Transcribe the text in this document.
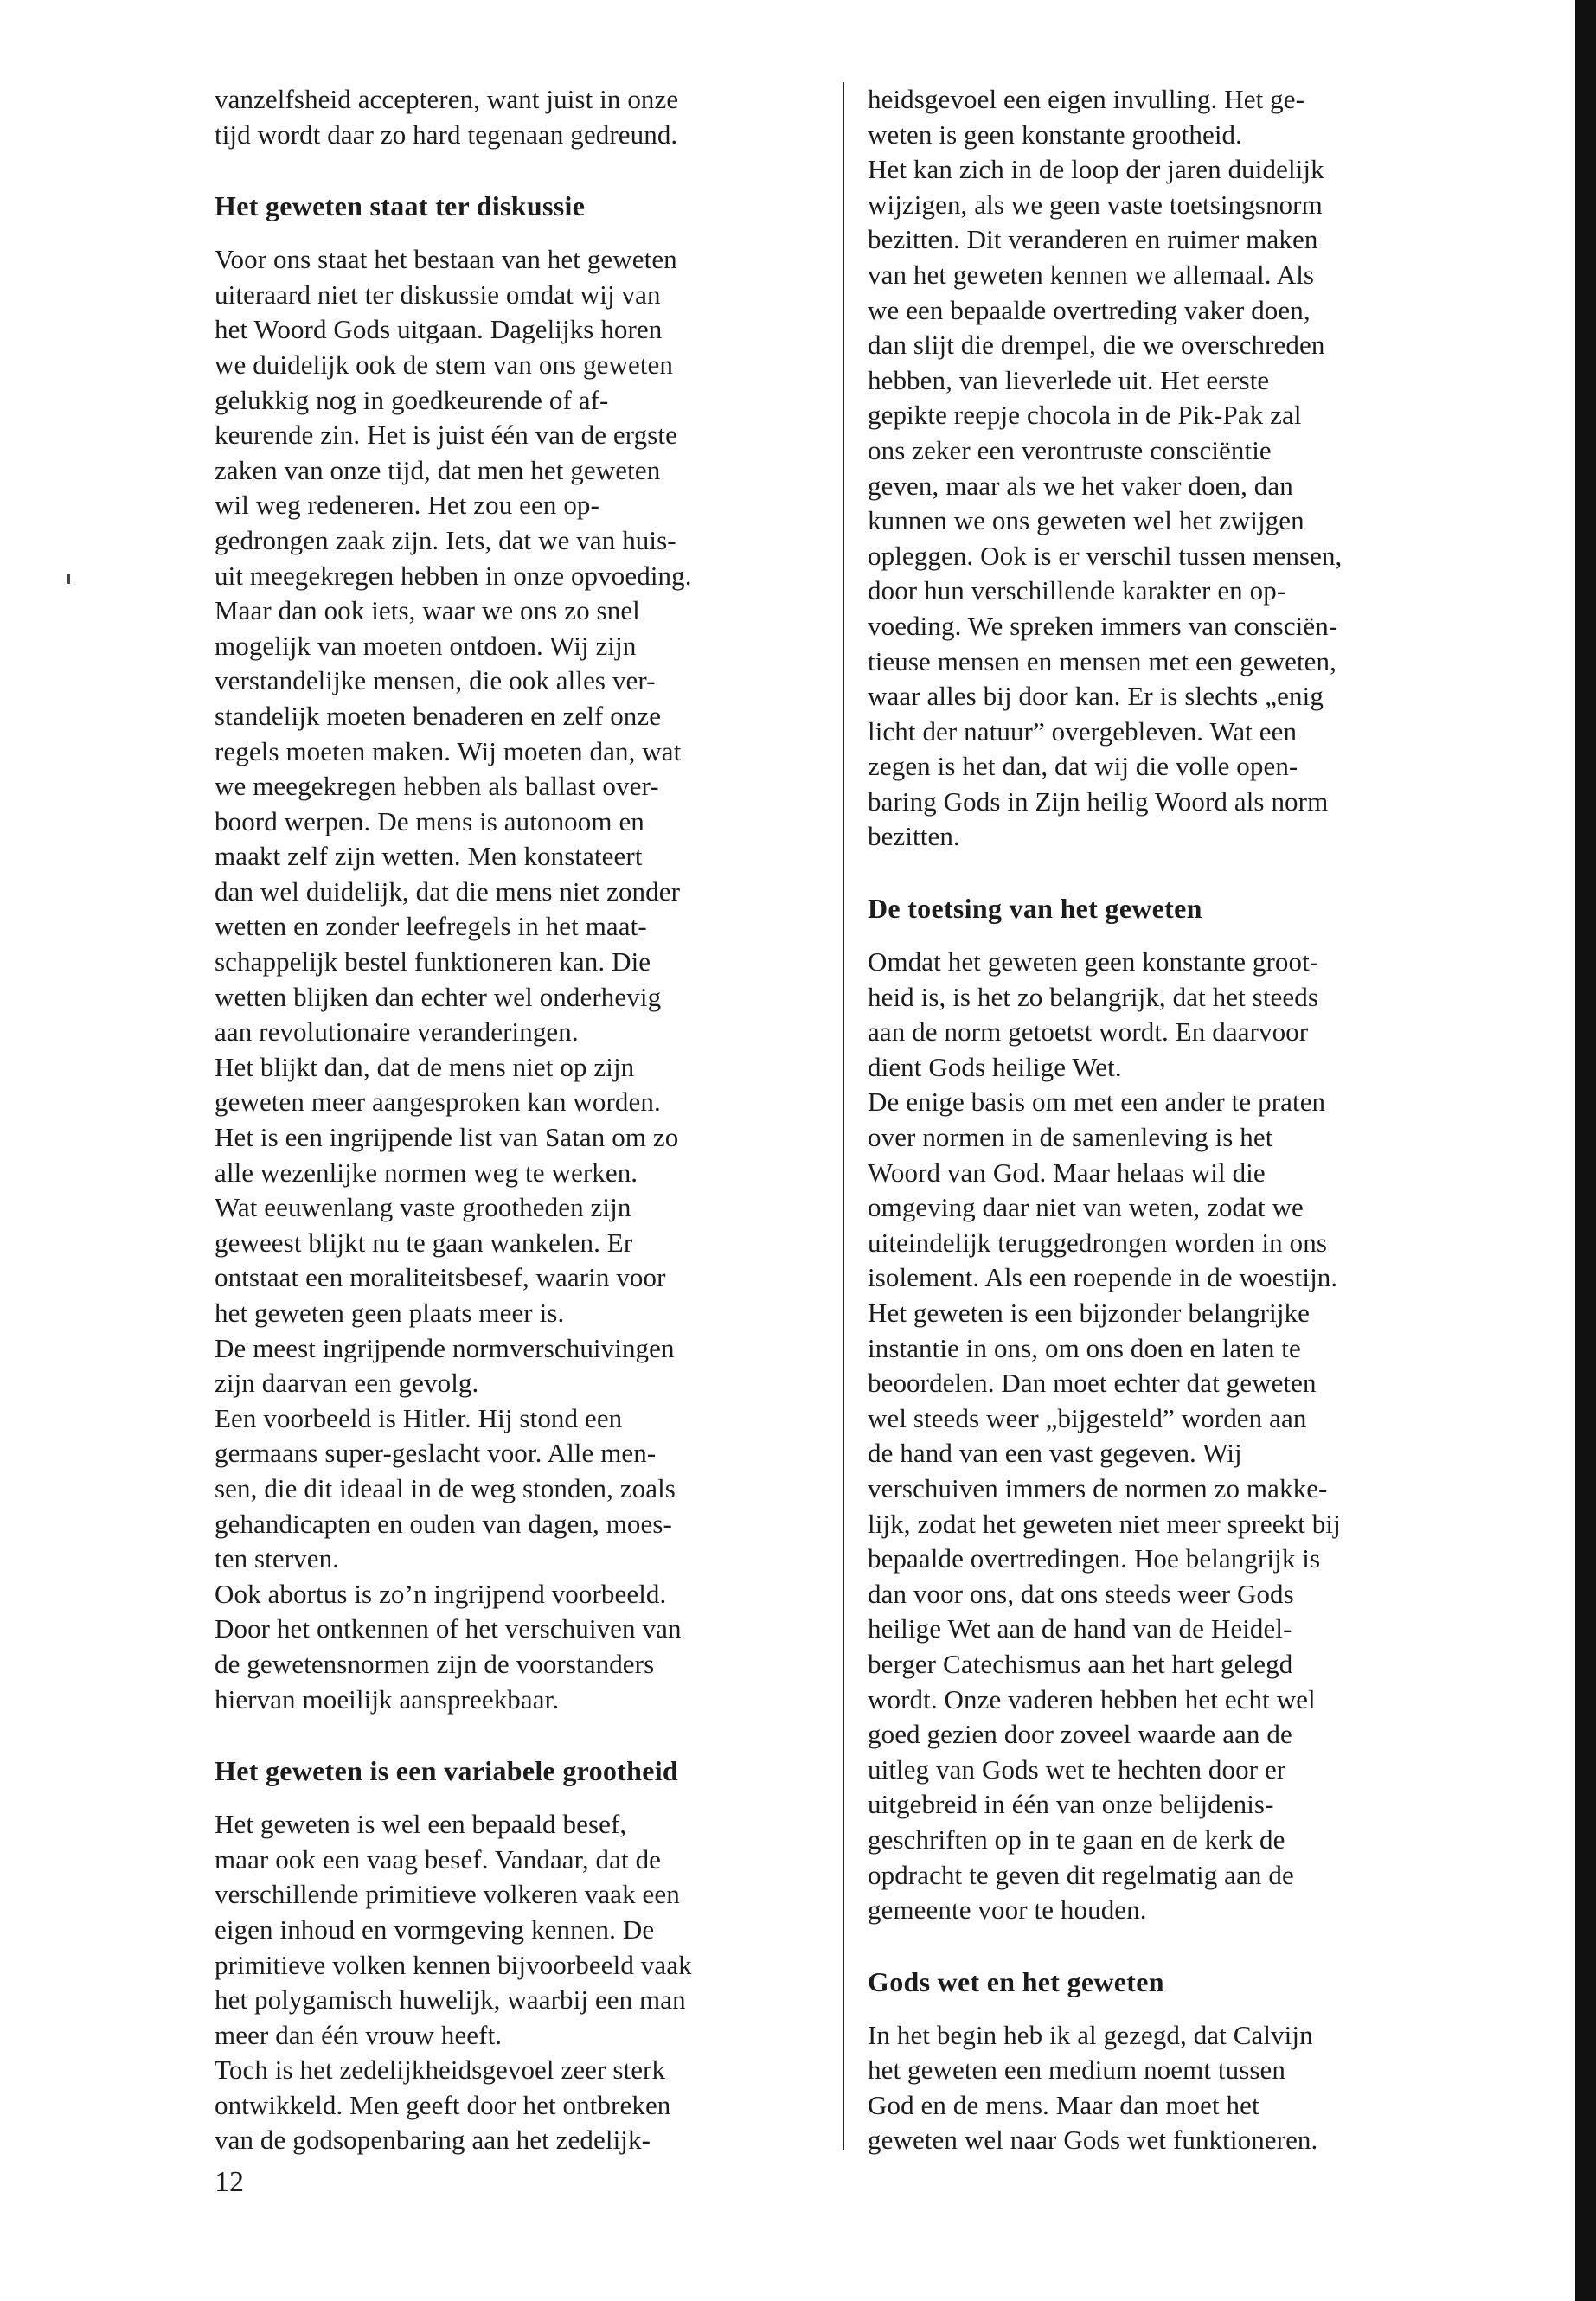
vanzelfsheid accepteren, want juist in onze
tijd wordt daar zo hard tegenaan gedreund.
Het geweten staat ter diskussie
Voor ons staat het bestaan van het geweten
uiteraard niet ter diskussie omdat wij van
het Woord Gods uitgaan. Dagelijks horen
we duidelijk ook de stem van ons geweten
gelukkig nog in goedkeurende of af-
keurende zin. Het is juist één van de ergste
zaken van onze tijd, dat men het geweten
wil weg redeneren. Het zou een op-
gedrongen zaak zijn. Iets, dat we van huis-
uit meegekregen hebben in onze opvoeding.
Maar dan ook iets, waar we ons zo snel
mogelijk van moeten ontdoen. Wij zijn
verstandelijke mensen, die ook alles ver-
standelijk moeten benaderen en zelf onze
regels moeten maken. Wij moeten dan, wat
we meegekregen hebben als ballast over-
boord werpen. De mens is autonoom en
maakt zelf zijn wetten. Men konstateert
dan wel duidelijk, dat die mens niet zonder
wetten en zonder leefregels in het maat-
schappelijk bestel funktioneren kan. Die
wetten blijken dan echter wel onderhevig
aan revolutionaire veranderingen.
Het blijkt dan, dat de mens niet op zijn
geweten meer aangesproken kan worden.
Het is een ingrijpende list van Satan om zo
alle wezenlijke normen weg te werken.
Wat eeuwenlang vaste grootheden zijn
geweest blijkt nu te gaan wankelen. Er
ontstaat een moraliteitsbesef, waarin voor
het geweten geen plaats meer is.
De meest ingrijpende normverschuivingen
zijn daarvan een gevolg.
Een voorbeeld is Hitler. Hij stond een
germaans super-geslacht voor. Alle men-
sen, die dit ideaal in de weg stonden, zoals
gehandicapten en ouden van dagen, moes-
ten sterven.
Ook abortus is zo’n ingrijpend voorbeeld.
Door het ontkennen of het verschuiven van
de gewetensnormen zijn de voorstanders
hiervan moeilijk aanspreekbaar.
Het geweten is een variabele grootheid
Het geweten is wel een bepaald besef,
maar ook een vaag besef. Vandaar, dat de
verschillende primitieve volkeren vaak een
eigen inhoud en vormgeving kennen. De
primitieve volken kennen bijvoorbeeld vaak
het polygamisch huwelijk, waarbij een man
meer dan één vrouw heeft.
Toch is het zedelijkheidsgevoel zeer sterk
ontwikkeld. Men geeft door het ontbreken
van de godsopenbaring aan het zedelijk-
heidsgevoel een eigen invulling. Het ge-
weten is geen konstante grootheid.
Het kan zich in de loop der jaren duidelijk
wijzigen, als we geen vaste toetsingsnorm
bezitten. Dit veranderen en ruimer maken
van het geweten kennen we allemaal. Als
we een bepaalde overtreding vaker doen,
dan slijt die drempel, die we overschreden
hebben, van lieverlede uit. Het eerste
gepikte reepje chocola in de Pik-Pak zal
ons zeker een verontruste consciëntie
geven, maar als we het vaker doen, dan
kunnen we ons geweten wel het zwijgen
opleggen. Ook is er verschil tussen mensen,
door hun verschillende karakter en op-
voeding. We spreken immers van consciën-
tieuse mensen en mensen met een geweten,
waar alles bij door kan. Er is slechts „enig
licht der natuur” overgebleven. Wat een
zegen is het dan, dat wij die volle open-
baring Gods in Zijn heilig Woord als norm
bezitten.
De toetsing van het geweten
Omdat het geweten geen konstante groot-
heid is, is het zo belangrijk, dat het steeds
aan de norm getoetst wordt. En daarvoor
dient Gods heilige Wet.
De enige basis om met een ander te praten
over normen in de samenleving is het
Woord van God. Maar helaas wil die
omgeving daar niet van weten, zodat we
uiteindelijk teruggedrongen worden in ons
isolement. Als een roepende in de woestijn.
Het geweten is een bijzonder belangrijke
instantie in ons, om ons doen en laten te
beoordelen. Dan moet echter dat geweten
wel steeds weer „bijgesteld” worden aan
de hand van een vast gegeven. Wij
verschuiven immers de normen zo makke-
lijk, zodat het geweten niet meer spreekt bij
bepaalde overtredingen. Hoe belangrijk is
dan voor ons, dat ons steeds weer Gods
heilige Wet aan de hand van de Heidel-
berger Catechismus aan het hart gelegd
wordt. Onze vaderen hebben het echt wel
goed gezien door zoveel waarde aan de
uitleg van Gods wet te hechten door er
uitgebreid in één van onze belijdenis-
geschriften op in te gaan en de kerk de
opdracht te geven dit regelmatig aan de
gemeente voor te houden.
Gods wet en het geweten
In het begin heb ik al gezegd, dat Calvijn
het geweten een medium noemt tussen
God en de mens. Maar dan moet het
geweten wel naar Gods wet funktioneren.
12
